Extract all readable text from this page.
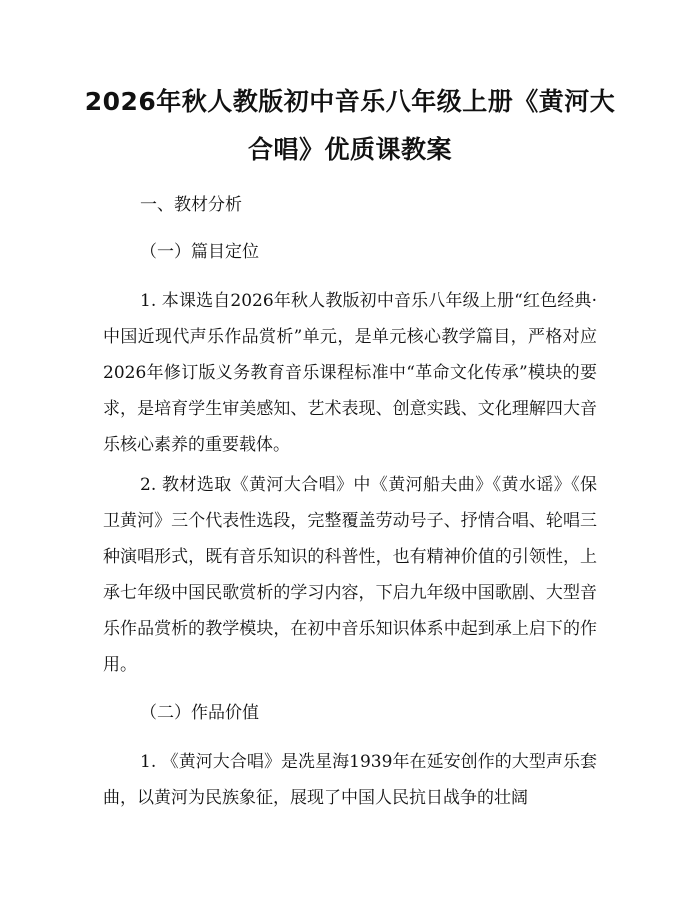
2026年秋人教版初中音乐八年级上册《黄河大合唱》优质课教案
一、教材分析
（一）篇目定位

1. 本课选自2026年秋人教版初中音乐八年级上册“红色经典·中国近现代声乐作品赏析”单元，是单元核心教学篇目，严格对应2026年修订版义务教育音乐课程标准中“革命文化传承”模块的要求，是培育学生审美感知、艺术表现、创意实践、文化理解四大音乐核心素养的重要载体。

2. 教材选取《黄河大合唱》中《黄河船夫曲》《黄水谣》《保卫黄河》三个代表性选段，完整覆盖劳动号子、抒情合唱、轮唱三种演唱形式，既有音乐知识的科普性，也有精神价值的引领性，上承七年级中国民歌赏析的学习内容，下启九年级中国歌剧、大型音乐作品赏析的教学模块，在初中音乐知识体系中起到承上启下的作用。

（二）作品价值

1. 《黄河大合唱》是冼星海1939年在延安创作的大型声乐套曲，以黄河为民族象征，展现了中国人民抗日战争的壮阔
